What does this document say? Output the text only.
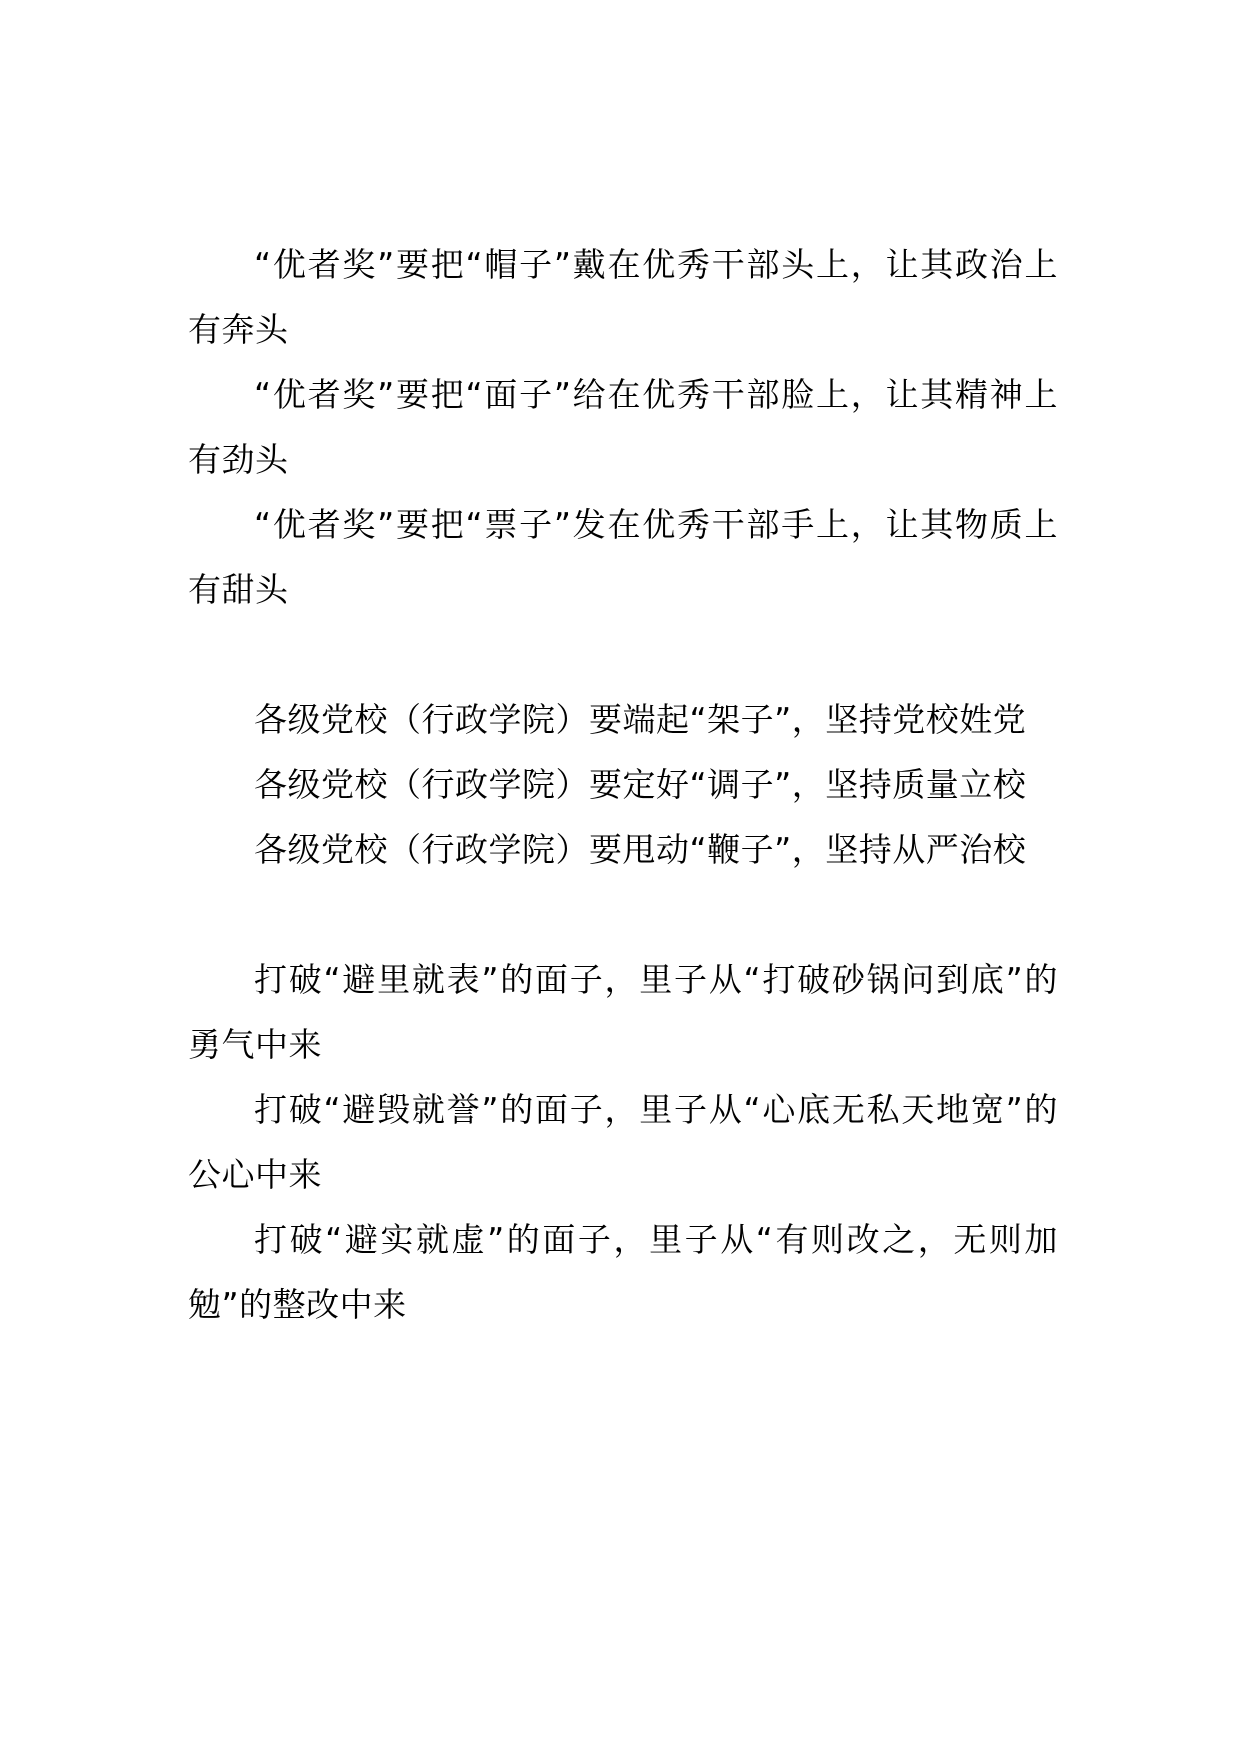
“优者奖”要把“帽子”戴在优秀干部头上，让其政治上有奔头

“优者奖”要把“面子”给在优秀干部脸上，让其精神上有劲头

“优者奖”要把“票子”发在优秀干部手上，让其物质上有甜头

各级党校（行政学院）要端起“架子”，坚持党校姓党

各级党校（行政学院）要定好“调子”，坚持质量立校

各级党校（行政学院）要甩动“鞭子”，坚持从严治校

打破“避里就表”的面子，里子从“打破砂锅问到底”的勇气中来

打破“避毁就誉”的面子，里子从“心底无私天地宽”的公心中来

打破“避实就虚”的面子，里子从“有则改之，无则加勉”的整改中来
